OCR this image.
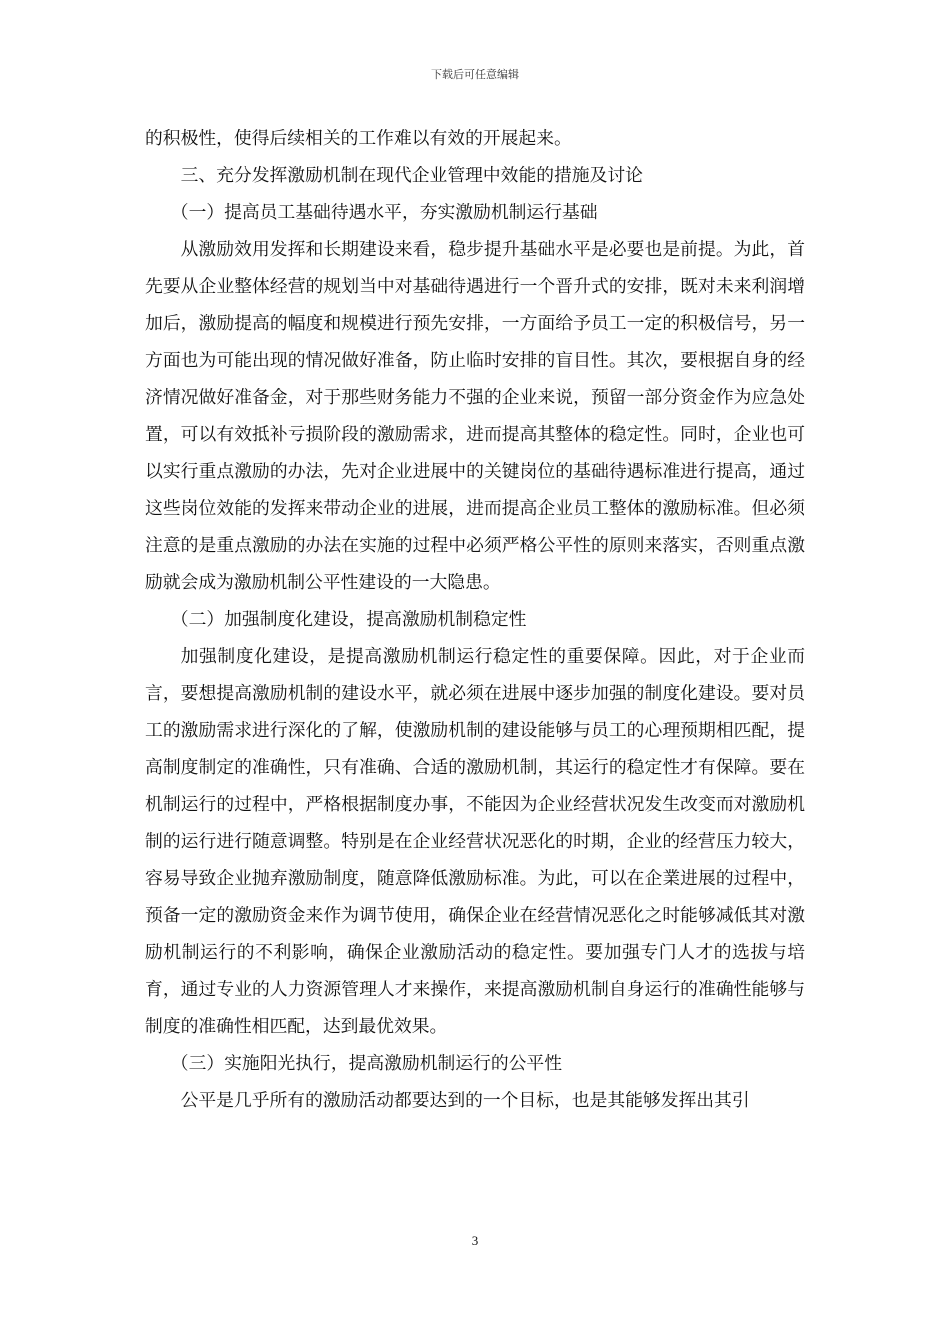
下载后可任意编辑

的积极性，使得后续相关的工作难以有效的开展起来。

三、充分发挥激励机制在现代企业管理中效能的措施及讨论

（一）提高员工基础待遇水平，夯实激励机制运行基础

从激励效用发挥和长期建设来看，稳步提升基础水平是必要也是前提。为此，首先要从企业整体经营的规划当中对基础待遇进行一个晋升式的安排，既对未来利润增加后，激励提高的幅度和规模进行预先安排，一方面给予员工一定的积极信号，另一方面也为可能出现的情况做好准备，防止临时安排的盲目性。其次，要根据自身的经济情况做好准备金，对于那些财务能力不强的企业来说，预留一部分资金作为应急处置，可以有效抵补亏损阶段的激励需求，进而提高其整体的稳定性。同时，企业也可以实行重点激励的办法，先对企业进展中的关键岗位的基础待遇标准进行提高，通过这些岗位效能的发挥来带动企业的进展，进而提高企业员工整体的激励标准。但必须注意的是重点激励的办法在实施的过程中必须严格公平性的原则来落实，否则重点激励就会成为激励机制公平性建设的一大隐患。

（二）加强制度化建设，提高激励机制稳定性

加强制度化建设，是提高激励机制运行稳定性的重要保障。因此，对于企业而言，要想提高激励机制的建设水平，就必须在进展中逐步加强的制度化建设。要对员工的激励需求进行深化的了解，使激励机制的建设能够与员工的心理预期相匹配，提高制度制定的准确性，只有准确、合适的激励机制，其运行的稳定性才有保障。要在机制运行的过程中，严格根据制度办事，不能因为企业经营状况发生改变而对激励机制的运行进行随意调整。特别是在企业经营状况恶化的时期，企业的经营压力较大，容易导致企业抛弃激励制度，随意降低激励标准。为此，可以在企業进展的过程中，预备一定的激励资金来作为调节使用，确保企业在经营情况恶化之时能够减低其对激励机制运行的不利影响，确保企业激励活动的稳定性。要加强专门人才的选拔与培育，通过专业的人力资源管理人才来操作，来提高激励机制自身运行的准确性能够与制度的准确性相匹配，达到最优效果。

（三）实施阳光执行，提高激励机制运行的公平性

公平是几乎所有的激励活动都要达到的一个目标，也是其能够发挥出其引

3
